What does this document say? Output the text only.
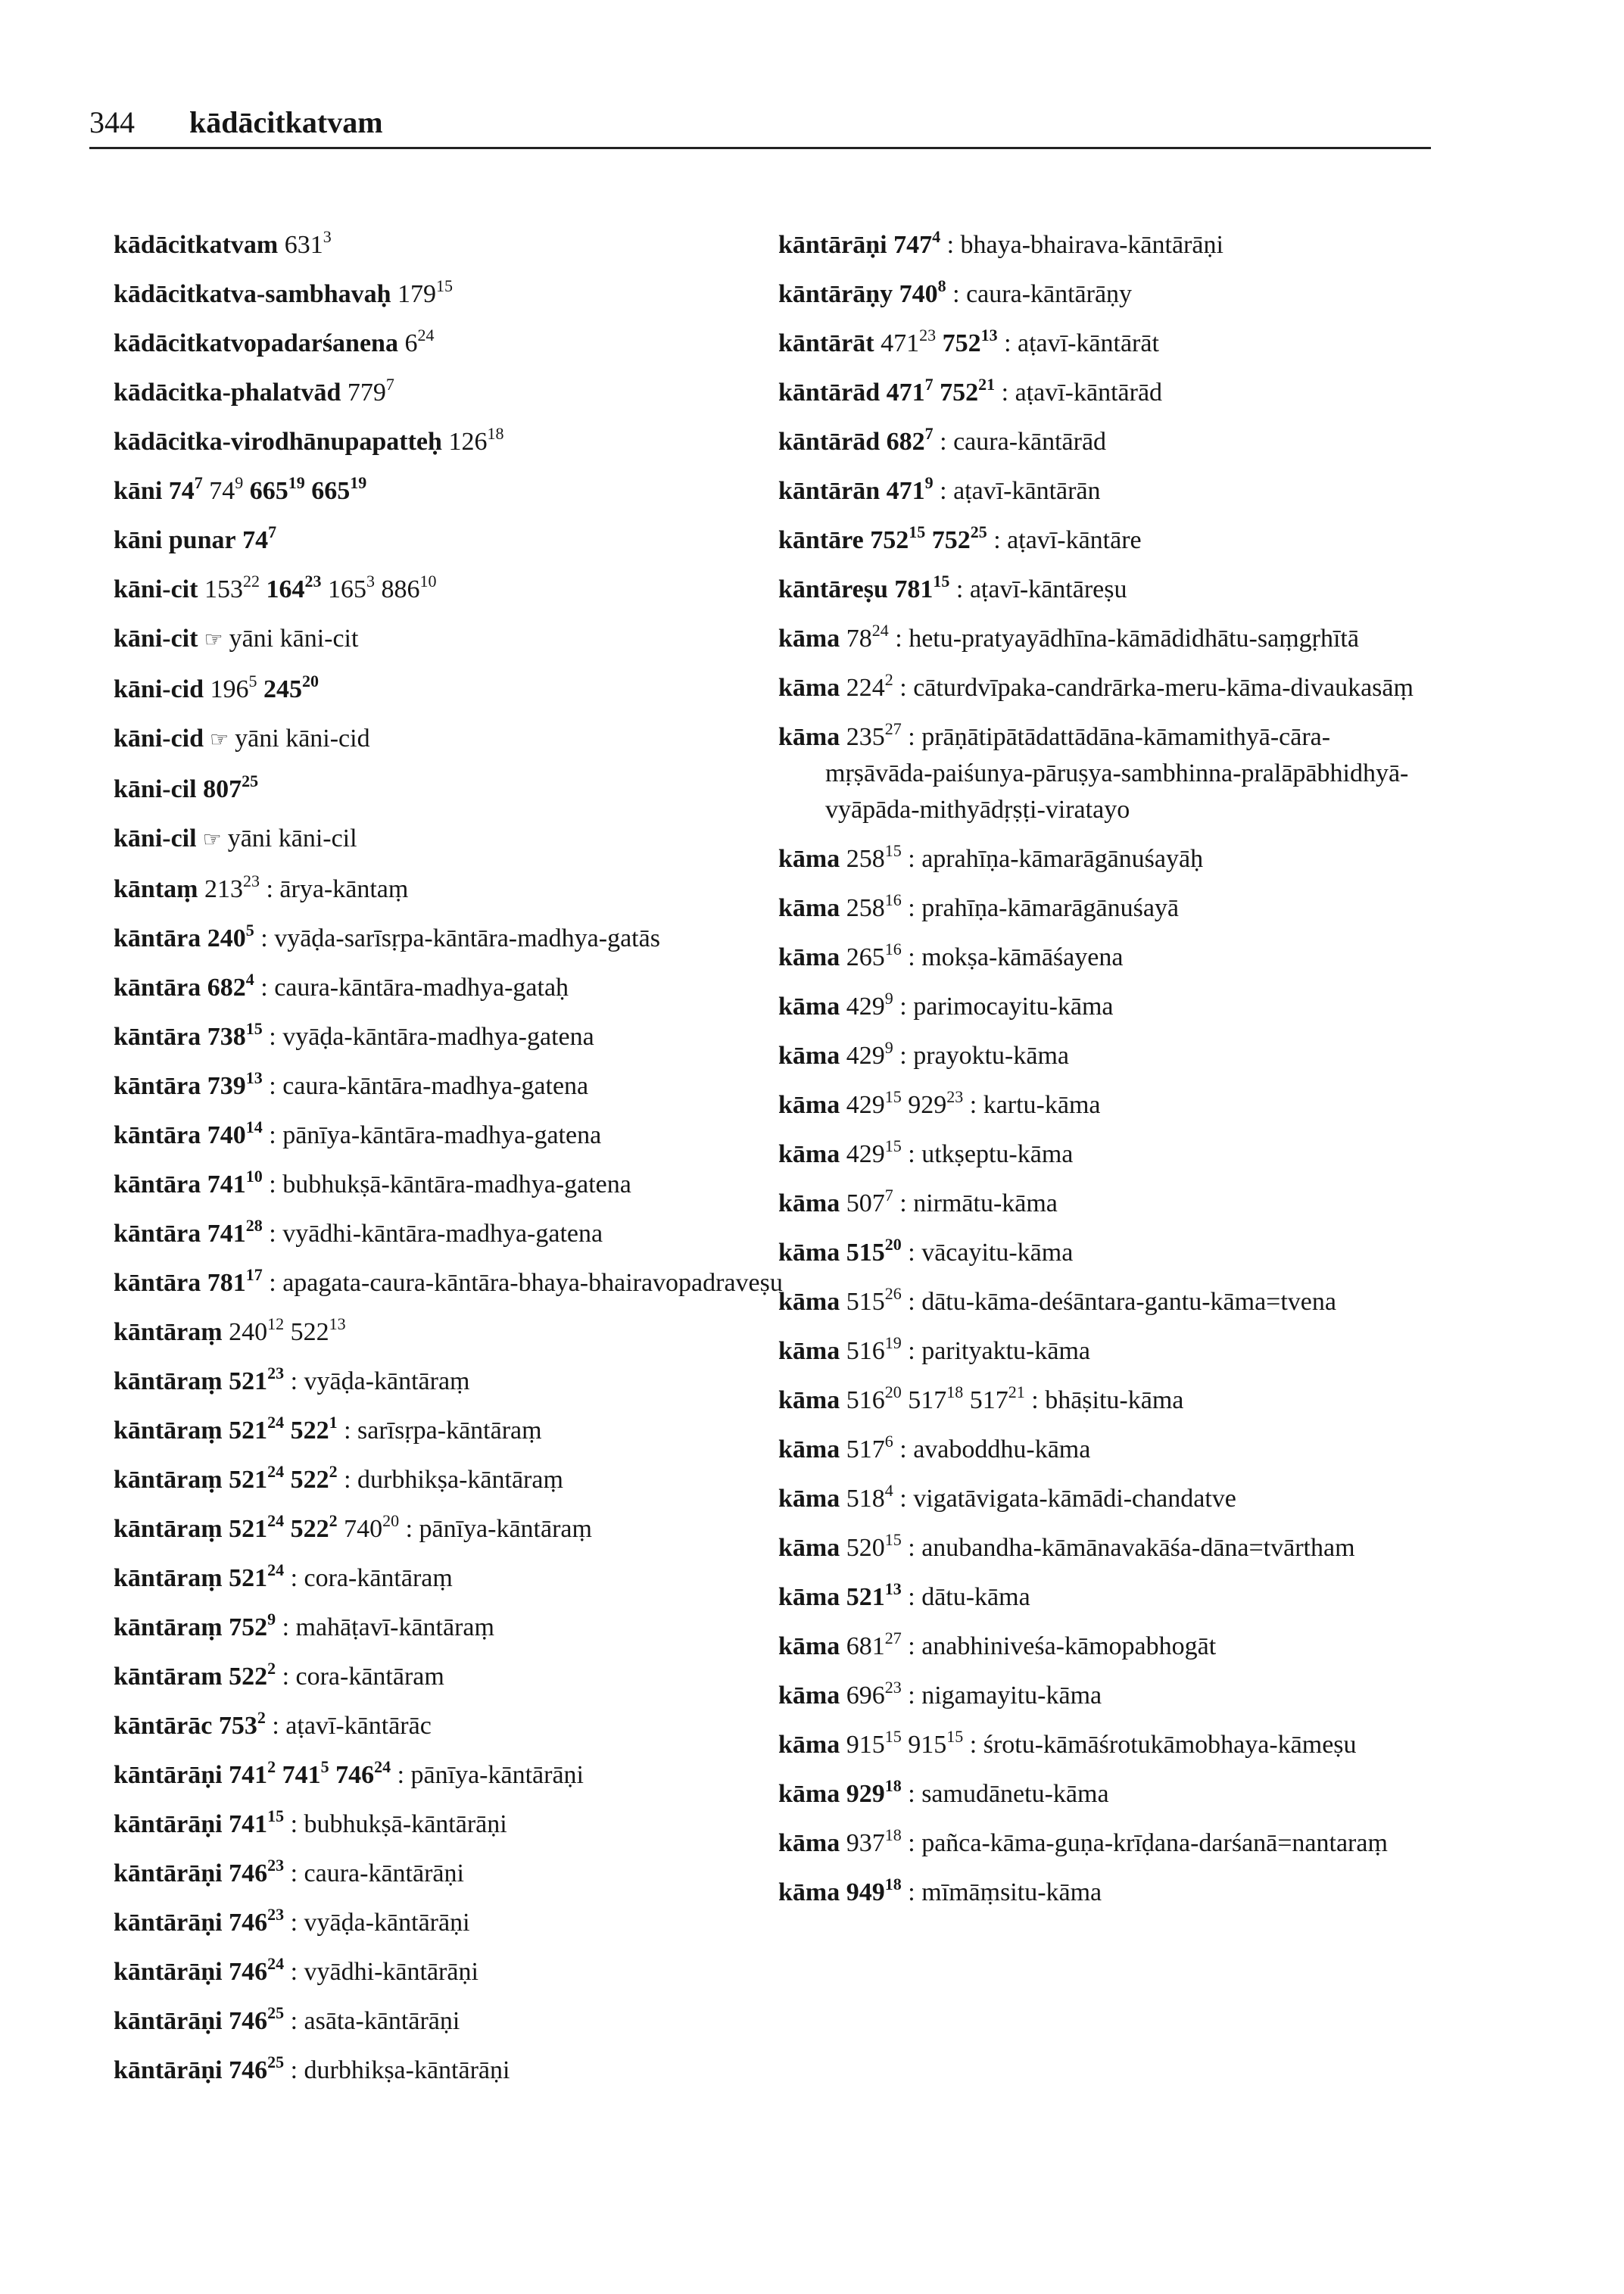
344 kādācitkatvam
kādācitkatvam $631^3$
kādācitkatva-sambhavaḥ $179^{15}$
kādācitkatvopadarśanena $6^{24}$
kādācitka-phalatvād $779^7$
kādācitka-virodhānupapatteḥ $126^{18}$
kāni $74^7$ $74^9$ $665^{19}$ $665^{19}$
kāni punar $74^7$
kāni-cit $153^{22}$ $164^{23}$ $165^3$ $886^{10}$
kāni-cit ☞ yāni kāni-cit
kāni-cid $196^5$ $245^{20}$
kāni-cid ☞ yāni kāni-cid
kāni-cil $807^{25}$
kāni-cil ☞ yāni kāni-cil
kāntaṃ $213^{23}$ : ārya-kāntaṃ
kāntāra $240^5$ : vyāḍa-sarīsṛpa-kāntāra-madhya-gatās
kāntāra $682^4$ : caura-kāntāra-madhya-gataḥ
kāntāra $738^{15}$ : vyāḍa-kāntāra-madhya-gatena
kāntāra $739^{13}$ : caura-kāntāra-madhya-gatena
kāntāra $740^{14}$ : pānīya-kāntāra-madhya-gatena
kāntāra $741^{10}$ : bubhukṣā-kāntāra-madhya-gatena
kāntāra $741^{28}$ : vyādhi-kāntāra-madhya-gatena
kāntāra $781^{17}$ : apagata-caura-kāntāra-bhaya-bhairavopadraveṣu
kāntāraṃ $240^{12}$ $522^{13}$
kāntāraṃ $521^{23}$ : vyāḍa-kāntāraṃ
kāntāraṃ $521^{24}$ $522^1$ : sarīsṛpa-kāntāraṃ
kāntāraṃ $521^{24}$ $522^2$ : durbhikṣa-kāntāraṃ
kāntāraṃ $521^{24}$ $522^2$ $740^{20}$ : pānīya-kāntāraṃ
kāntāraṃ $521^{24}$ : cora-kāntāraṃ
kāntāraṃ $752^9$ : mahāṭavī-kāntāraṃ
kāntāram $522^2$ : cora-kāntāram
kāntārāc $753^2$ : aṭavī-kāntārāc
kāntārāṇi $741^2$ $741^5$ $746^{24}$ : pānīya-kāntārāṇi
kāntārāṇi $741^{15}$ : bubhukṣā-kāntārāṇi
kāntārāṇi $746^{23}$ : caura-kāntārāṇi
kāntārāṇi $746^{23}$ : vyāḍa-kāntārāṇi
kāntārāṇi $746^{24}$ : vyādhi-kāntārāṇi
kāntārāṇi $746^{25}$ : asāta-kāntārāṇi
kāntārāṇi $746^{25}$ : durbhikṣa-kāntārāṇi
kāntārāṇi $747^4$ : bhaya-bhairava-kāntārāṇi
kāntārāṇy $740^8$ : caura-kāntārāṇy
kāntārāt $471^{23}$ $752^{13}$ : aṭavī-kāntārāt
kāntārād $471^7$ $752^{21}$ : aṭavī-kāntārād
kāntārād $682^7$ : caura-kāntārād
kāntārān $471^9$ : aṭavī-kāntārān
kāntāre $752^{15}$ $752^{25}$ : aṭavī-kāntāre
kāntāreṣu $781^{15}$ : aṭavī-kāntāreṣu
kāma $78^{24}$ : hetu-pratyayādhīna-kāmādidhātu-saṃgṛhītā
kāma $224^2$ : cāturdvīpaka-candrārka-meru-kāma-divaukasāṃ
kāma $235^{27}$ : prāṇātipātādattādāna-kāmamithyā-cāra-mṛṣāvāda-paiśunya-pāruṣya-sambhinna-pralāpābhidhyā-vyāpāda-mithyādṛṣṭi-viratayo
kāma $258^{15}$ : aprahīṇa-kāmarāgānuśayāḥ
kāma $258^{16}$ : prahīṇa-kāmarāgānuśayā
kāma $265^{16}$ : mokṣa-kāmāśayena
kāma $429^9$ : parimocayitu-kāma
kāma $429^9$ : prayoktu-kāma
kāma $429^{15}$ $929^{23}$ : kartu-kāma
kāma $429^{15}$ : utkṣeptu-kāma
kāma $507^7$ : nirmātu-kāma
kāma $515^{20}$ : vācayitu-kāma
kāma $515^{26}$ : dātu-kāma-deśāntara-gantu-kāma=tvena
kāma $516^{19}$ : parityaktu-kāma
kāma $516^{20}$ $517^{18}$ $517^{21}$ : bhāṣitu-kāma
kāma $517^6$ : avaboddhu-kāma
kāma $518^4$ : vigatāvigata-kāmādi-chandatve
kāma $520^{15}$ : anubandha-kāmānavakāśa-dāna=tvārtham
kāma $521^{13}$ : dātu-kāma
kāma $681^{27}$ : anabhiniveśa-kāmopabhogāt
kāma $696^{23}$ : nigamayitu-kāma
kāma $915^{15}$ $915^{15}$ : śrotu-kāmāśrotukāmobhaya-kāmeṣu
kāma $929^{18}$ : samudānetu-kāma
kāma $937^{18}$ : pañca-kāma-guṇa-krīḍana-darśanā=nantaraṃ
kāma $949^{18}$ : mīmāṃsitu-kāma
